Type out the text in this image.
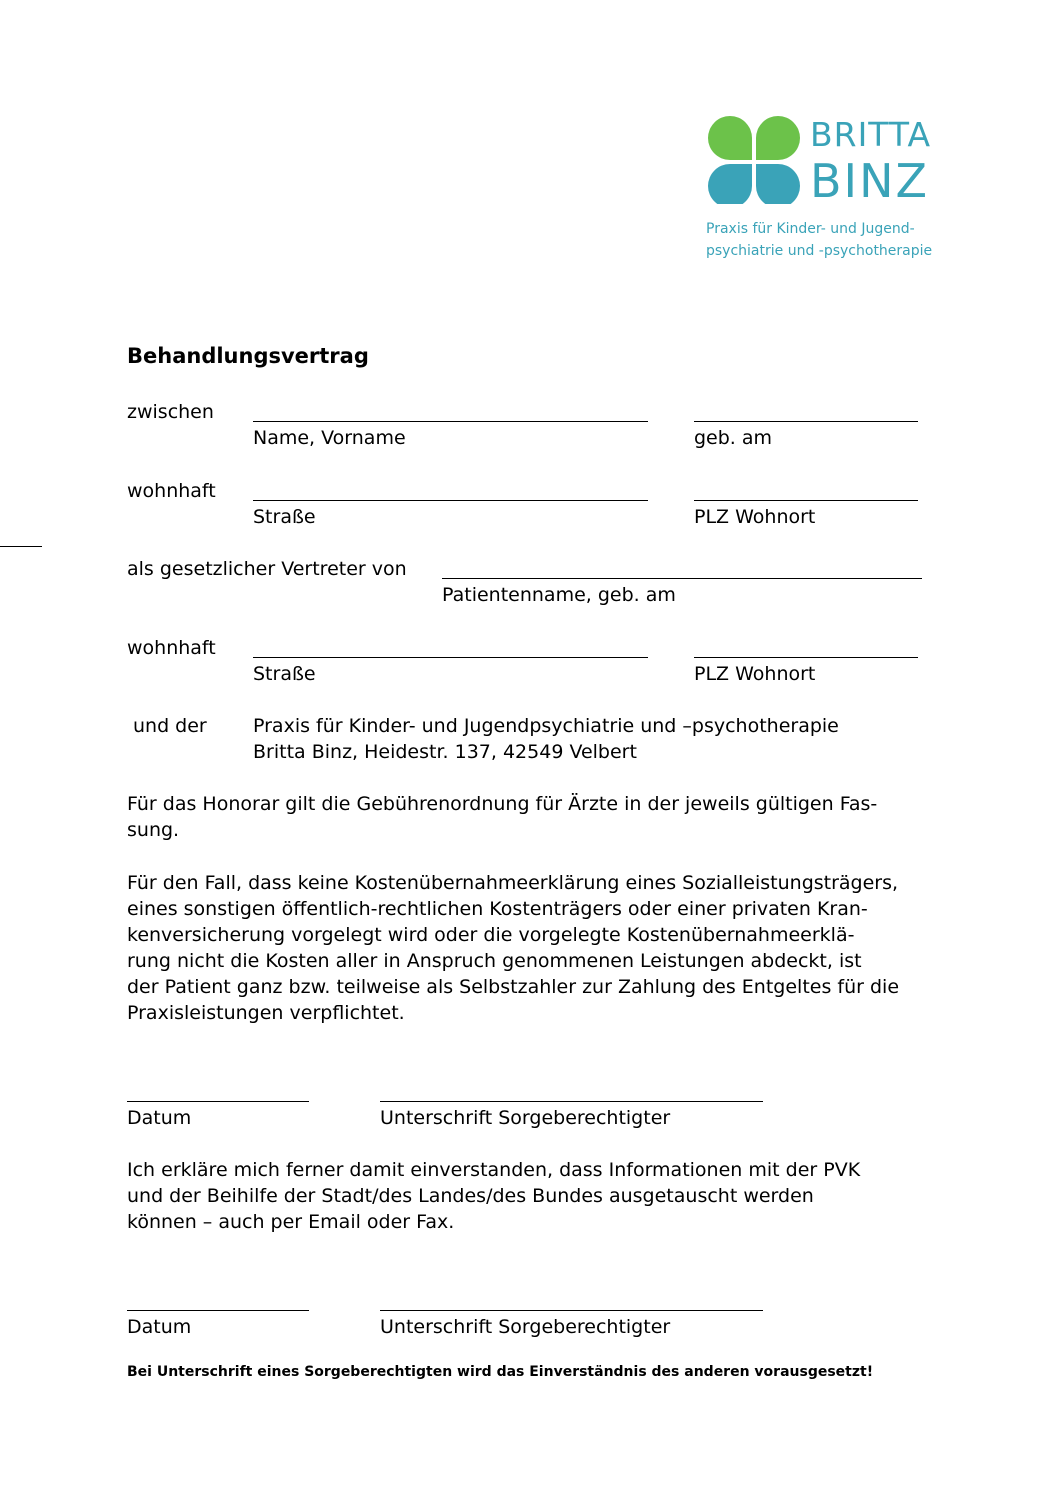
BRITTA
BINZ
Praxis für Kinder- und Jugend-
psychiatrie und -psychotherapie
Behandlungsvertrag
zwischen
Name, Vorname	geb. am
wohnhaft
Straße	PLZ Wohnort
als gesetzlicher Vertreter von
Patientenname, geb. am
wohnhaft
Straße	PLZ Wohnort
und der Praxis für Kinder- und Jugendpsychiatrie und –psychotherapie
Britta Binz, Heidestr. 137, 42549 Velbert
Für das Honorar gilt die Gebührenordnung für Ärzte in der jeweils gültigen Fas-
sung.
Für den Fall, dass keine Kostenübernahmeerklärung eines Sozialleistungsträgers,
eines sonstigen öffentlich-rechtlichen Kostenträgers oder einer privaten Kran-
kenversicherung vorgelegt wird oder die vorgelegte Kostenübernahmeerklä-
rung nicht die Kosten aller in Anspruch genommenen Leistungen abdeckt, ist
der Patient ganz bzw. teilweise als Selbstzahler zur Zahlung des Entgeltes für die
Praxisleistungen verpflichtet.
Datum	Unterschrift Sorgeberechtigter
Ich erkläre mich ferner damit einverstanden, dass Informationen mit der PVK
und der Beihilfe der Stadt/des Landes/des Bundes ausgetauscht werden
können – auch per Email oder Fax.
Datum	Unterschrift Sorgeberechtigter
Bei Unterschrift eines Sorgeberechtigten wird das Einverständnis des anderen vorausgesetzt!
